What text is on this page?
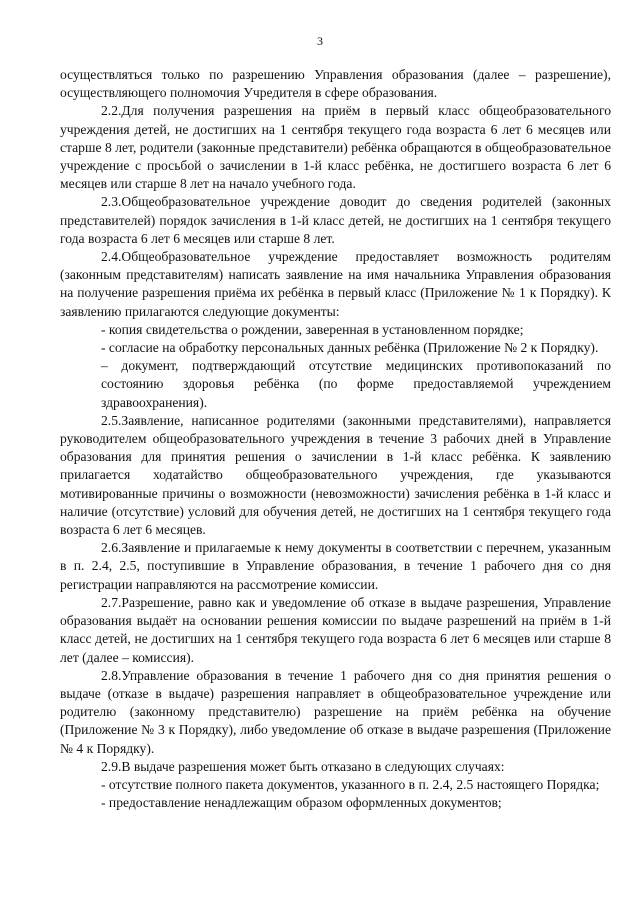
3

осуществляться только по разрешению Управления образования (далее – разрешение), осуществляющего полномочия Учредителя в сфере образования.

2.2.Для получения разрешения на приём в первый класс общеобразовательного учреждения детей, не достигших на 1 сентября текущего года возраста 6 лет 6 месяцев или старше 8 лет, родители (законные представители) ребёнка обращаются в общеобразовательное учреждение с просьбой о зачислении в 1-й класс ребёнка, не достигшего возраста 6 лет 6 месяцев или старше 8 лет на начало учебного года.

2.3.Общеобразовательное учреждение доводит до сведения родителей (законных представителей) порядок зачисления в 1-й класс детей, не достигших на 1 сентября текущего года возраста 6 лет 6 месяцев или старше 8 лет.

2.4.Общеобразовательное учреждение предоставляет возможность родителям (законным представителям) написать заявление на имя начальника Управления образования на получение разрешения приёма их ребёнка в первый класс (Приложение № 1 к Порядку). К заявлению прилагаются следующие документы:

- копия свидетельства о рождении, заверенная в установленном порядке;

- согласие на обработку персональных данных ребёнка (Приложение № 2 к Порядку).

– документ, подтверждающий отсутствие медицинских противопоказаний по состоянию здоровья ребёнка (по форме предоставляемой учреждением здравоохранения).

2.5.Заявление, написанное родителями (законными представителями), направляется руководителем общеобразовательного учреждения в течение 3 рабочих дней в Управление образования для принятия решения о зачислении в 1-й класс ребёнка. К заявлению прилагается ходатайство общеобразовательного учреждения, где указываются мотивированные причины о возможности (невозможности) зачисления ребёнка в 1-й класс и наличие (отсутствие) условий для обучения детей, не достигших на 1 сентября текущего года возраста 6 лет 6 месяцев.

2.6.Заявление и прилагаемые к нему документы в соответствии с перечнем, указанным в п. 2.4, 2.5, поступившие в Управление образования, в течение 1 рабочего дня со дня регистрации направляются на рассмотрение комиссии.

2.7.Разрешение, равно как и уведомление об отказе в выдаче разрешения, Управление образования выдаёт на основании решения комиссии по выдаче разрешений на приём в 1-й класс детей, не достигших на 1 сентября текущего года возраста 6 лет 6 месяцев или старше 8 лет (далее – комиссия).

2.8.Управление образования в течение 1 рабочего дня со дня принятия решения о выдаче (отказе в выдаче) разрешения направляет в общеобразовательное учреждение или родителю (законному представителю) разрешение на приём ребёнка на обучение (Приложение № 3 к Порядку), либо уведомление об отказе в выдаче разрешения (Приложение № 4 к Порядку).

2.9.В выдаче разрешения может быть отказано в следующих случаях:

- отсутствие полного пакета документов, указанного в п. 2.4, 2.5 настоящего Порядка;

- предоставление ненадлежащим образом оформленных документов;
